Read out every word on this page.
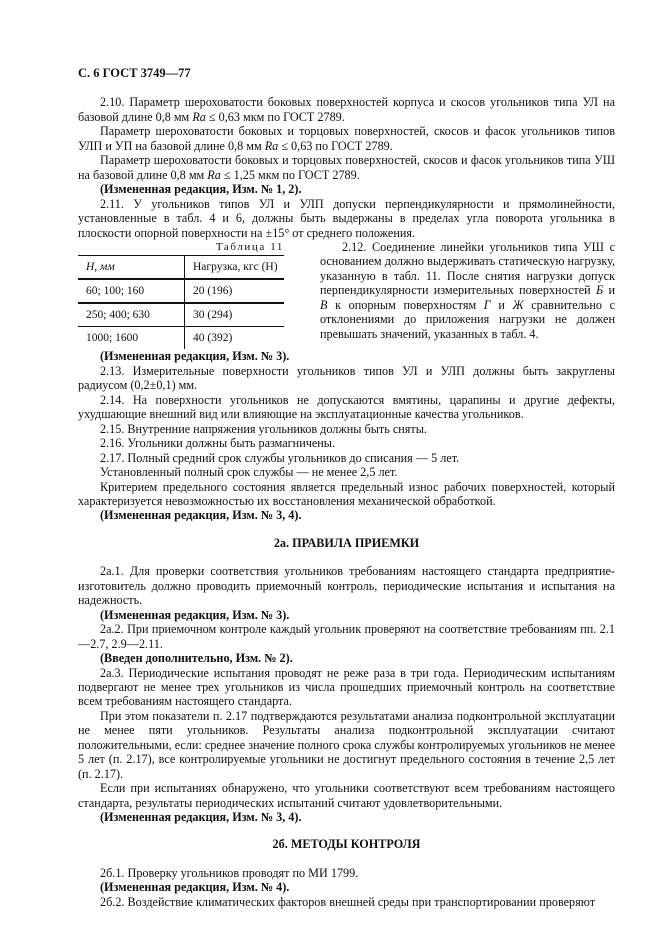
С. 6 ГОСТ 3749—77

2.10. Параметр шероховатости боковых поверхностей корпуса и скосов угольников типа УЛ на базовой длине 0,8 мм Ra ≤ 0,63 мкм по ГОСТ 2789.

Параметр шероховатости боковых и торцовых поверхностей, скосов и фасок угольников типов УЛП и УП на базовой длине 0,8 мм Ra ≤ 0,63 по ГОСТ 2789.

Параметр шероховатости боковых и торцовых поверхностей, скосов и фасок угольников типа УШ на базовой длине 0,8 мм Ra ≤ 1,25 мкм по ГОСТ 2789.

(Измененная редакция, Изм. № 1, 2).

2.11. У угольников типов УЛ и УЛП допуски перпендикулярности и прямолинейности, установленные в табл. 4 и 6, должны быть выдержаны в пределах угла поворота угольника в плоскости опорной поверхности на ±15° от среднего положения.

Таблица 11
H, мм	Нагрузка, кгс (Н)
60; 100; 160	20 (196)
250; 400; 630	30 (294)
1000; 1600	40 (392)

2.12. Соединение линейки угольников типа УШ с основанием должно выдерживать статическую нагрузку, указанную в табл. 11. После снятия нагрузки допуск перпендикулярности измерительных поверхностей Б и В к опорным поверхностям Г и Ж сравнительно с отклонениями до приложения нагрузки не должен превышать значений, указанных в табл. 4.

(Измененная редакция, Изм. № 3).

2.13. Измерительные поверхности угольников типов УЛ и УЛП должны быть закруглены радиусом (0,2±0,1) мм.

2.14. На поверхности угольников не допускаются вмятины, царапины и другие дефекты, ухудшающие внешний вид или влияющие на эксплуатационные качества угольников.

2.15. Внутренние напряжения угольников должны быть сняты.

2.16. Угольники должны быть размагничены.

2.17. Полный средний срок службы угольников до списания — 5 лет.

Установленный полный срок службы — не менее 2,5 лет.

Критерием предельного состояния является предельный износ рабочих поверхностей, который характеризуется невозможностью их восстановления механической обработкой.

(Измененная редакция, Изм. № 3, 4).

2а. ПРАВИЛА ПРИЕМКИ

2а.1. Для проверки соответствия угольников требованиям настоящего стандарта предприятие-изготовитель должно проводить приемочный контроль, периодические испытания и испытания на надежность.

(Измененная редакция, Изм. № 3).

2а.2. При приемочном контроле каждый угольник проверяют на соответствие требованиям пп. 2.1—2.7, 2.9—2.11.

(Введен дополнительно, Изм. № 2).

2а.3. Периодические испытания проводят не реже раза в три года. Периодическим испытаниям подвергают не менее трех угольников из числа прошедших приемочный контроль на соответствие всем требованиям настоящего стандарта.

При этом показатели п. 2.17 подтверждаются результатами анализа подконтрольной эксплуатации не менее пяти угольников. Результаты анализа подконтрольной эксплуатации считают положительными, если: среднее значение полного срока службы контролируемых угольников не менее 5 лет (п. 2.17), все контролируемые угольники не достигнут предельного состояния в течение 2,5 лет (п. 2.17).

Если при испытаниях обнаружено, что угольники соответствуют всем требованиям настоящего стандарта, результаты периодических испытаний считают удовлетворительными.

(Измененная редакция, Изм. № 3, 4).

2б. МЕТОДЫ КОНТРОЛЯ

2б.1. Проверку угольников проводят по МИ 1799.

(Измененная редакция, Изм. № 4).

2б.2. Воздействие климатических факторов внешней среды при транспортировании проверяют
